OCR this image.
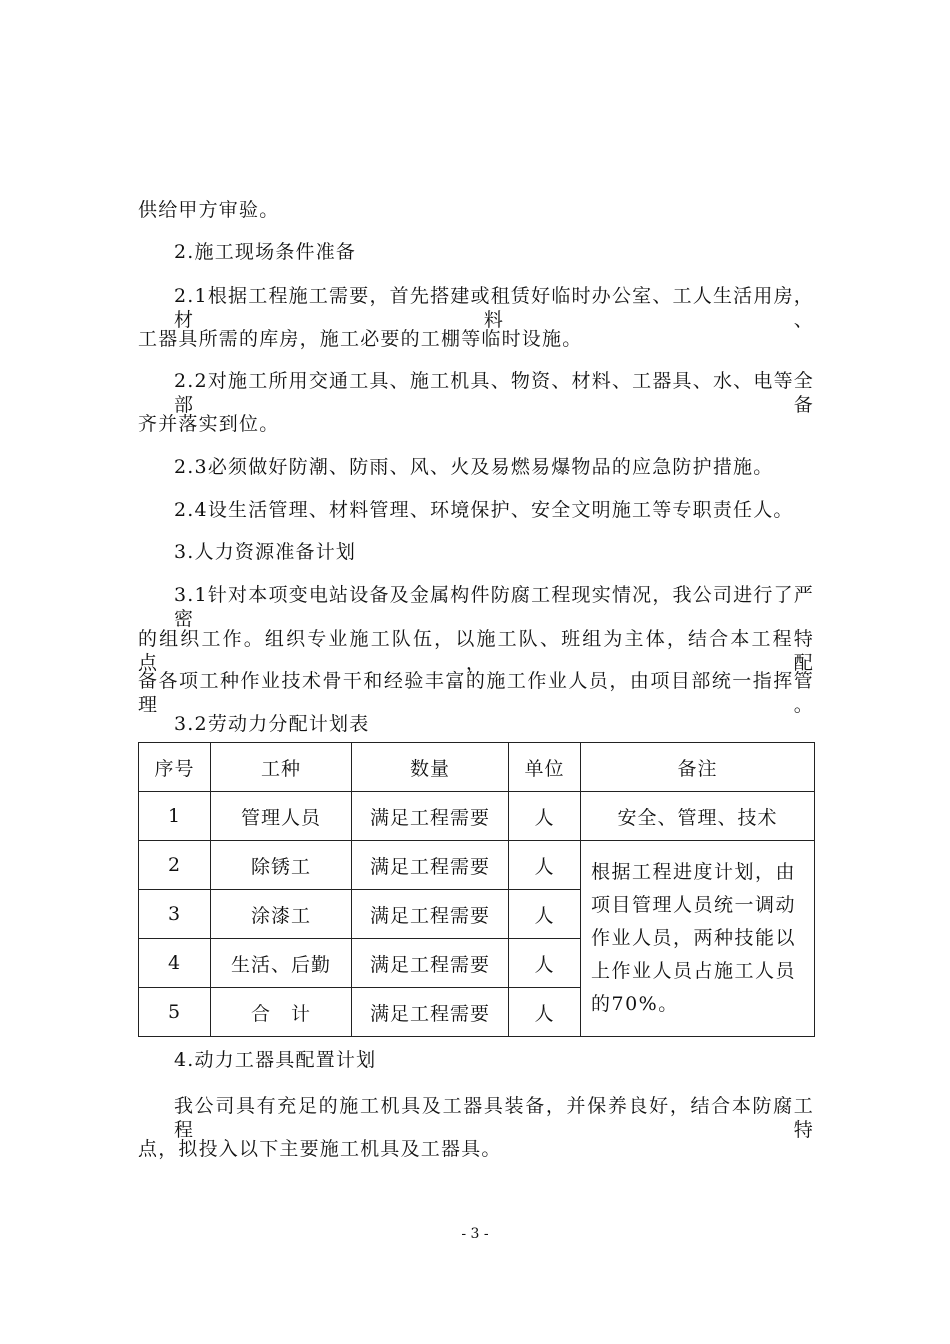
供给甲方审验。
2.施工现场条件准备
2.1根据工程施工需要，首先搭建或租赁好临时办公室、工人生活用房，材料、
工器具所需的库房，施工必要的工棚等临时设施。
2.2对施工所用交通工具、施工机具、物资、材料、工器具、水、电等全部备
齐并落实到位。
2.3必须做好防潮、防雨、风、火及易燃易爆物品的应急防护措施。
2.4设生活管理、材料管理、环境保护、安全文明施工等专职责任人。
3.人力资源准备计划
3.1针对本项变电站设备及金属构件防腐工程现实情况，我公司进行了严密
的组织工作。组织专业施工队伍，以施工队、班组为主体，结合本工程特点，配
备各项工种作业技术骨干和经验丰富的施工作业人员，由项目部统一指挥管理。
3.2劳动力分配计划表
序号	工种	数量	单位	备注
1	管理人员	满足工程需要	人	安全、管理、技术
2	除锈工	满足工程需要	人	根据工程进度计划，由项目管理人员统一调动作业人员，两种技能以上作业人员占施工人员的70%。
3	涂漆工	满足工程需要	人	
4	生活、后勤	满足工程需要	人	
5	合　计	满足工程需要	人	
4.动力工器具配置计划
我公司具有充足的施工机具及工器具装备，并保养良好，结合本防腐工程特
点，拟投入以下主要施工机具及工器具。
- 3 -
